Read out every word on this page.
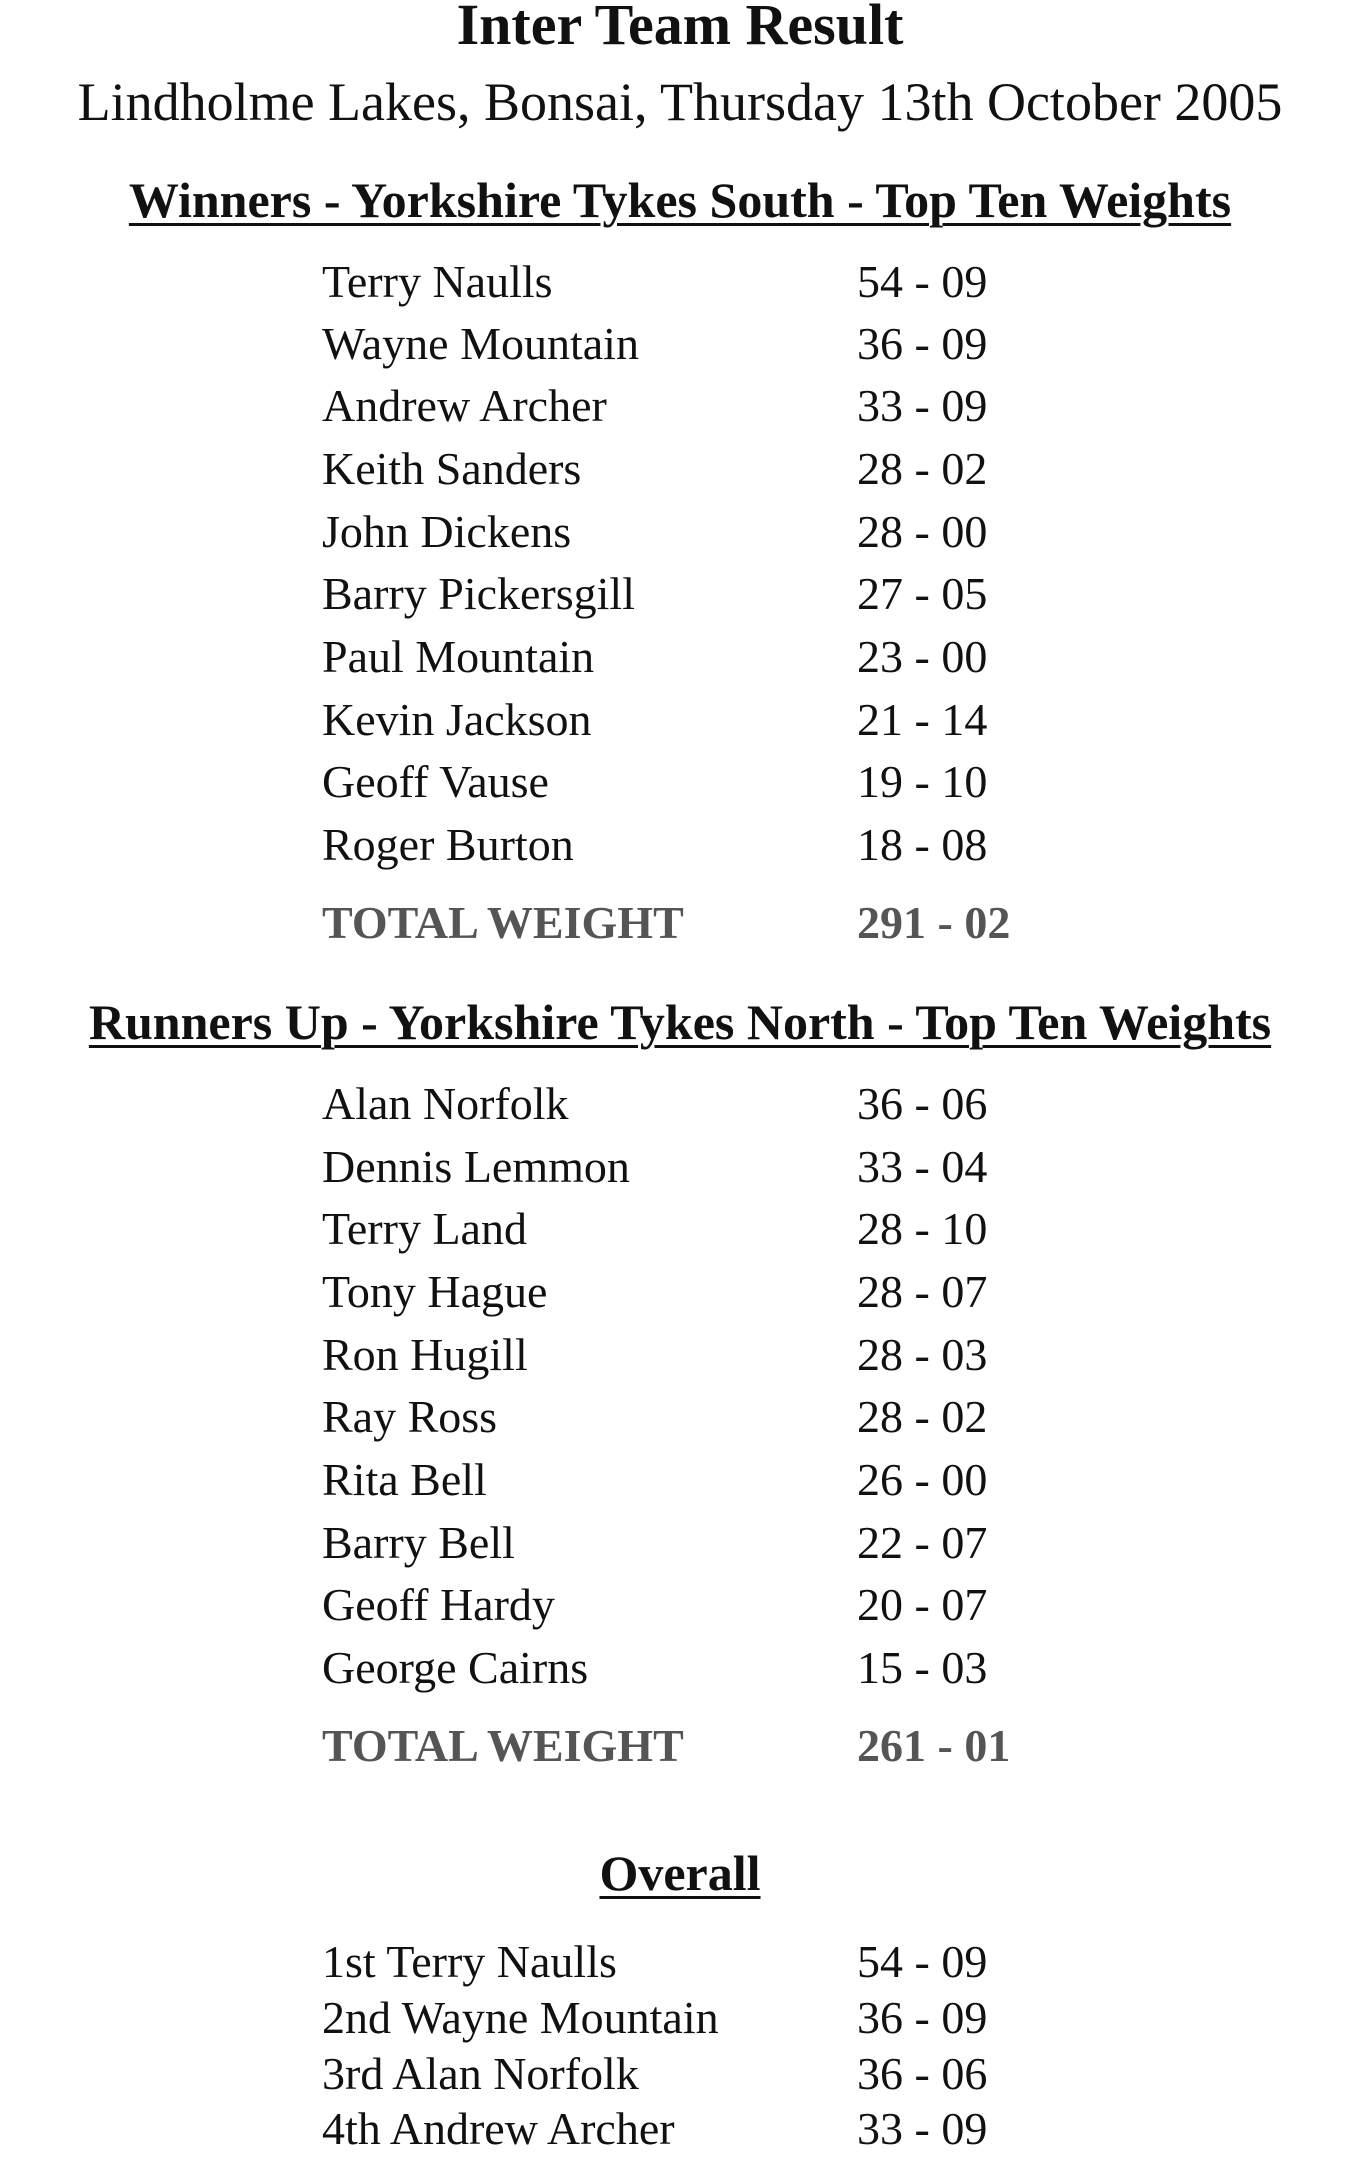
Inter Team Result
Lindholme Lakes, Bonsai, Thursday 13th October 2005
Winners - Yorkshire Tykes South - Top Ten Weights
Terry Naulls	54 - 09
Wayne Mountain	36 - 09
Andrew Archer	33 - 09
Keith Sanders	28 - 02
John Dickens	28 - 00
Barry Pickersgill	27 - 05
Paul Mountain	23 - 00
Kevin Jackson	21 - 14
Geoff Vause	19 - 10
Roger Burton	18 - 08
TOTAL WEIGHT	291 - 02
Runners Up - Yorkshire Tykes North - Top Ten Weights
Alan Norfolk	36 - 06
Dennis Lemmon	33 - 04
Terry Land	28 - 10
Tony Hague	28 - 07
Ron Hugill	28 - 03
Ray Ross	28 - 02
Rita Bell	26 - 00
Barry Bell	22 - 07
Geoff Hardy	20 - 07
George Cairns	15 - 03
TOTAL WEIGHT	261 - 01
Overall
1st Terry Naulls	54 - 09
2nd Wayne Mountain	36 - 09
3rd Alan Norfolk	36 - 06
4th Andrew Archer	33 - 09
